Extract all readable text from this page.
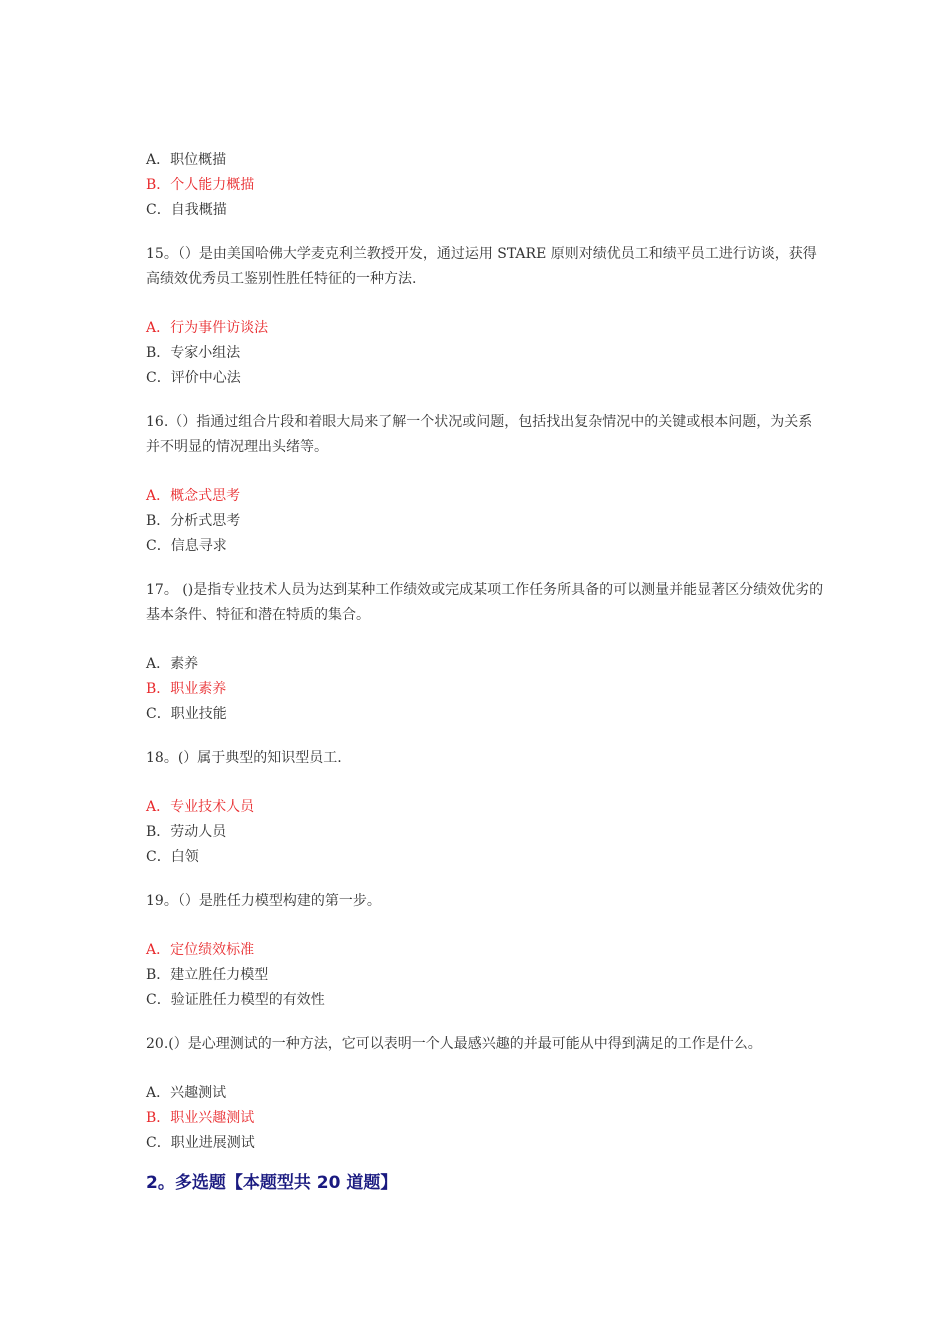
A．职位概描
B．个人能力概描
C．自我概描
15。（）是由美国哈佛大学麦克利兰教授开发，通过运用 STARE 原则对绩优员工和绩平员工进行访谈，获得高绩效优秀员工鉴别性胜任特征的一种方法.
A．行为事件访谈法
B．专家小组法
C．评价中心法
16.（）指通过组合片段和着眼大局来了解一个状况或问题，包括找出复杂情况中的关键或根本问题，为关系并不明显的情况理出头绪等。
A．概念式思考
B．分析式思考
C．信息寻求
17。 ()是指专业技术人员为达到某种工作绩效或完成某项工作任务所具备的可以测量并能显著区分绩效优劣的基本条件、特征和潜在特质的集合。
A．素养
B．职业素养
C．职业技能
18。(）属于典型的知识型员工.
A．专业技术人员
B．劳动人员
C．白领
19。（）是胜任力模型构建的第一步。
A．定位绩效标准
B．建立胜任力模型
C．验证胜任力模型的有效性
20.(）是心理测试的一种方法，它可以表明一个人最感兴趣的并最可能从中得到满足的工作是什么。
A．兴趣测试
B．职业兴趣测试
C．职业进展测试
2。多选题【本题型共 20 道题】
